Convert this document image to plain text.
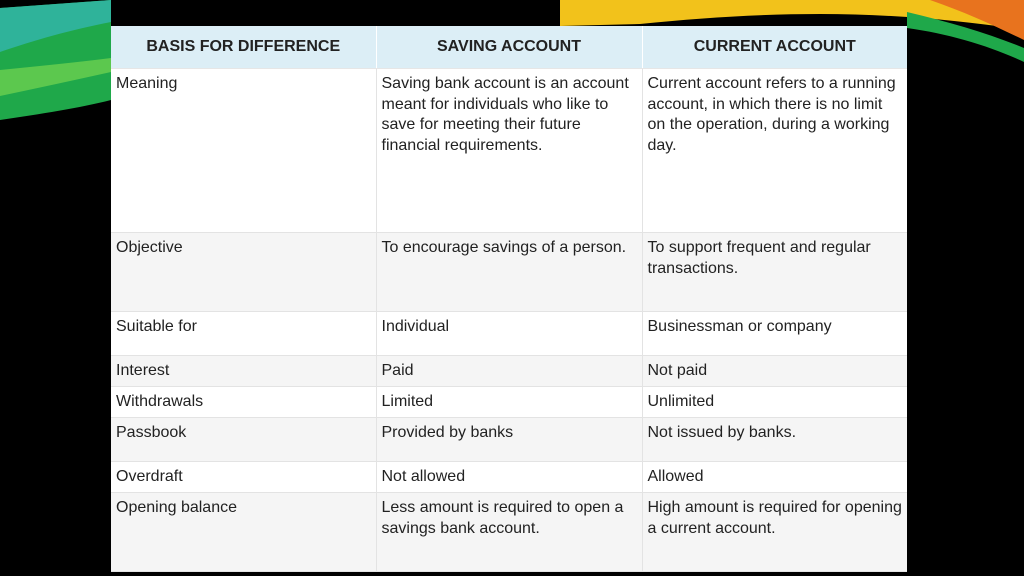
BASIS FOR DIFFERENCE	SAVING ACCOUNT	CURRENT ACCOUNT
Meaning	Saving bank account is an account meant for individuals who like to save for meeting their future financial requirements.	Current account refers to a running account, in which there is no limit on the operation, during a working day.
Objective	To encourage savings of a person.	To support frequent and regular transactions.
Suitable for	Individual	Businessman or company
Interest	Paid	Not paid
Withdrawals	Limited	Unlimited
Passbook	Provided by banks	Not issued by banks.
Overdraft	Not allowed	Allowed
Opening balance	Less amount is required to open a savings bank account.	High amount is required for opening a current account.
